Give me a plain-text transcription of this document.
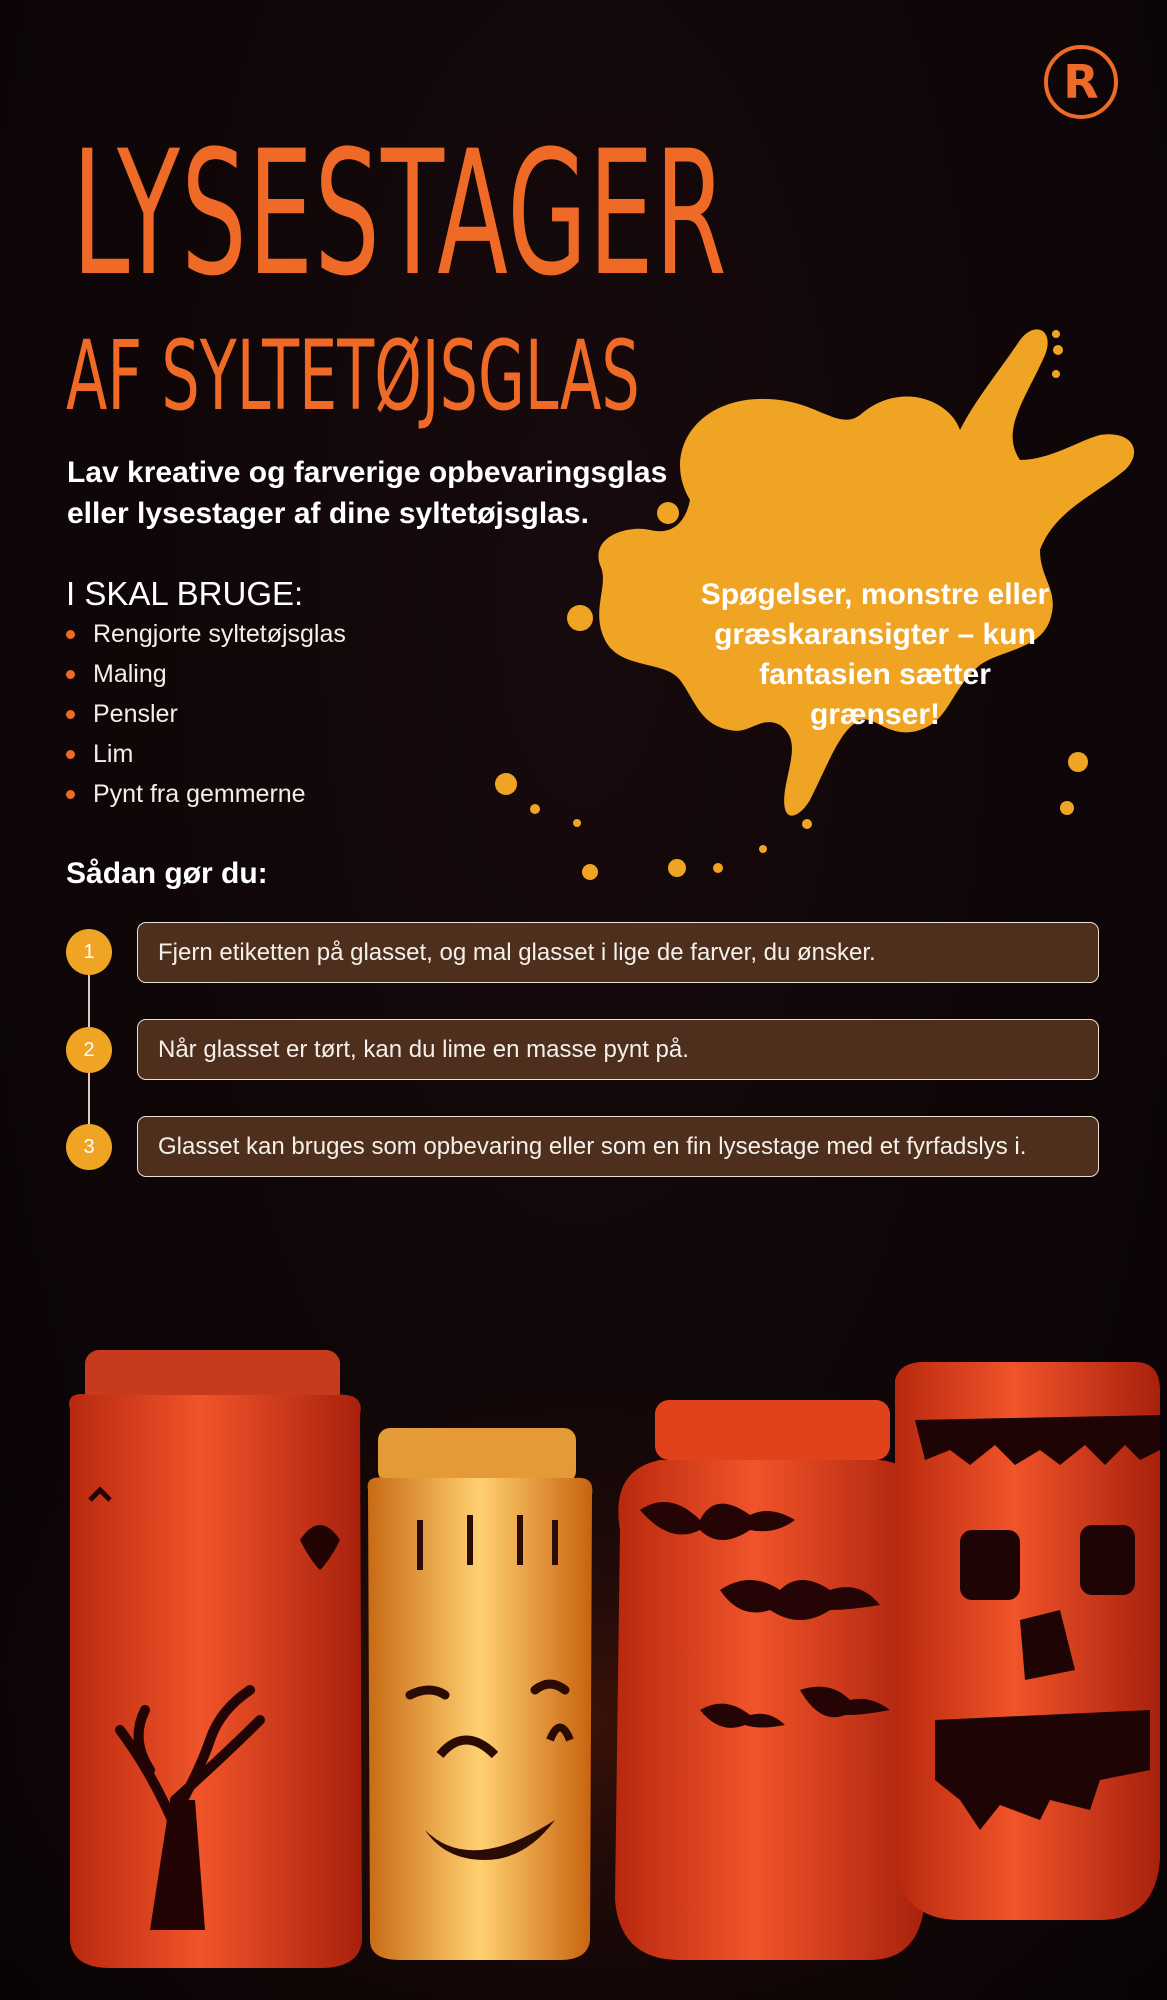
R
LYSESTAGER
AF SYLTETØJSGLAS

Lav kreative og farverige opbevaringsglas eller lysestager af dine syltetøjsglas.

Spøgelser, monstre eller græskaransigter – kun fantasien sætter grænser!

I SKAL BRUGE:
Rengjorte syltetøjsglas
Maling
Pensler
Lim
Pynt fra gemmerne
Sådan gør du:
1	Fjern etiketten på glasset, og mal glasset i lige de farver, du ønsker.
2	Når glasset er tørt, kan du lime en masse pynt på.
3	Glasset kan bruges som opbevaring eller som en fin lysestage med et fyrfadslys i.
